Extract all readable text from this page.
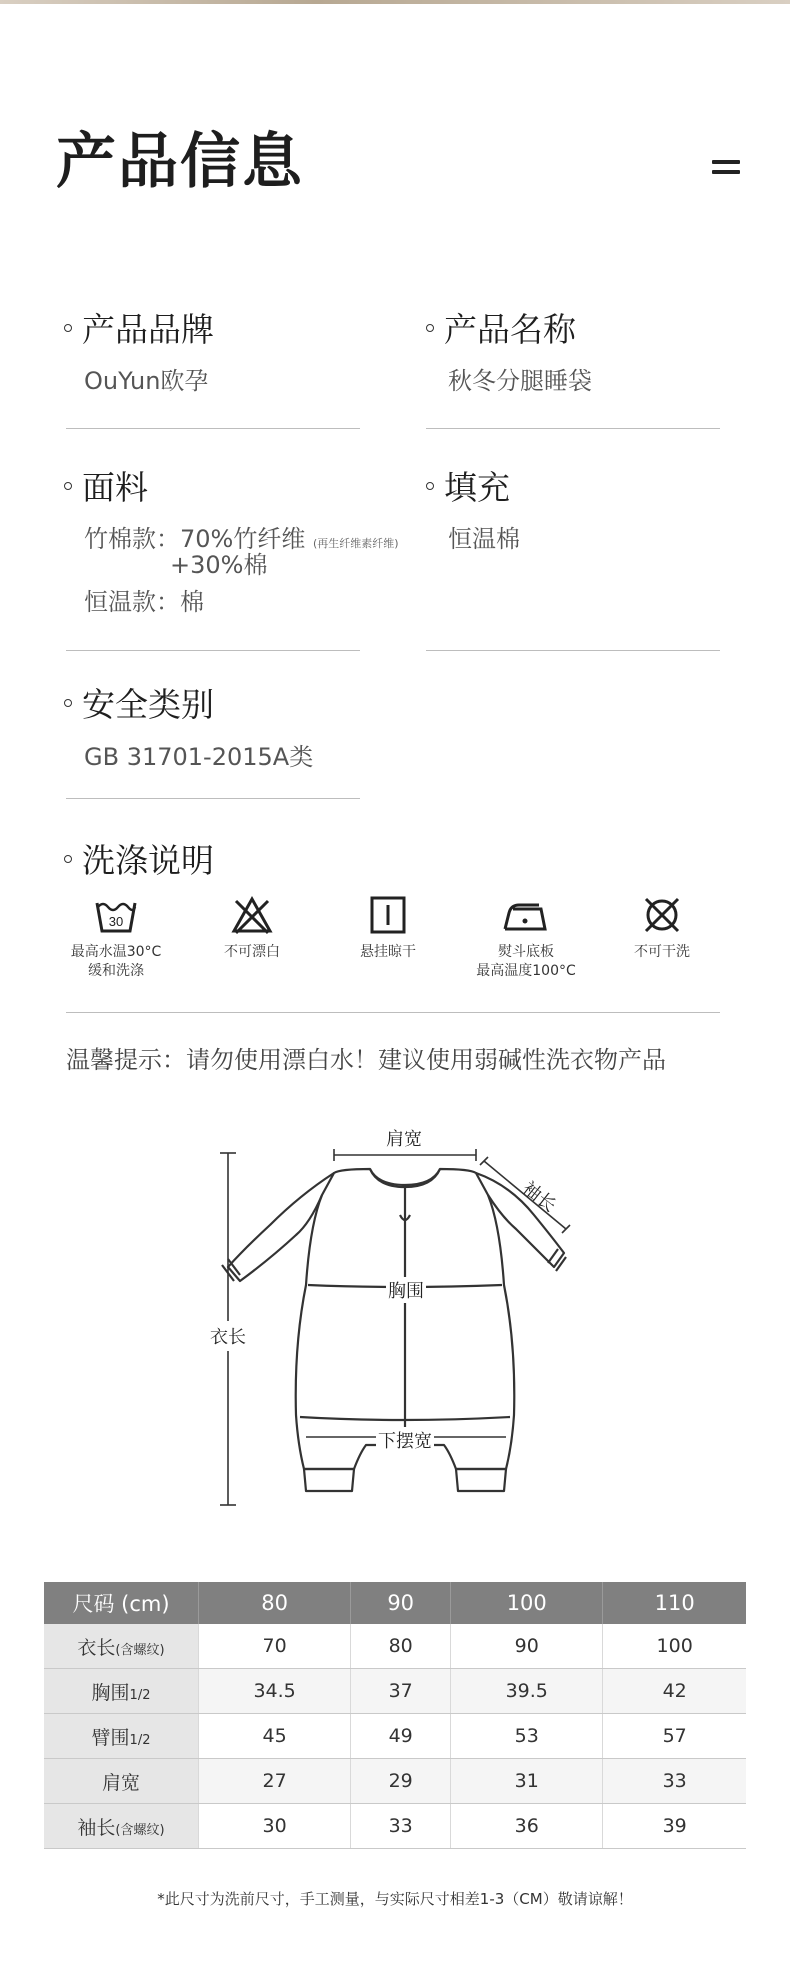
产品信息
产品品牌
OuYun欧孕
产品名称
秋冬分腿睡袋
面料
竹棉款：70%竹纤维 (再生纤维素纤维)
+30%棉
恒温款：棉
填充
恒温棉
安全类别
GB 31701-2015A类
洗涤说明
30
最高水温30°C
缓和洗涤
不可漂白	悬挂晾干	熨斗底板
最高温度100°C
不可干洗
温馨提示：请勿使用漂白水！建议使用弱碱性洗衣物产品
肩宽
袖长
胸围
衣长
下摆宽
尺码 (cm)	80	90	100	110
衣长(含螺纹)	70	80	90	100
胸围1/2	34.5	37	39.5	42
臂围1/2	45	49	53	57
肩宽	27	29	31	33
袖长(含螺纹)	30	33	36	39
*此尺寸为洗前尺寸，手工测量，与实际尺寸相差1-3（CM）敬请谅解！
